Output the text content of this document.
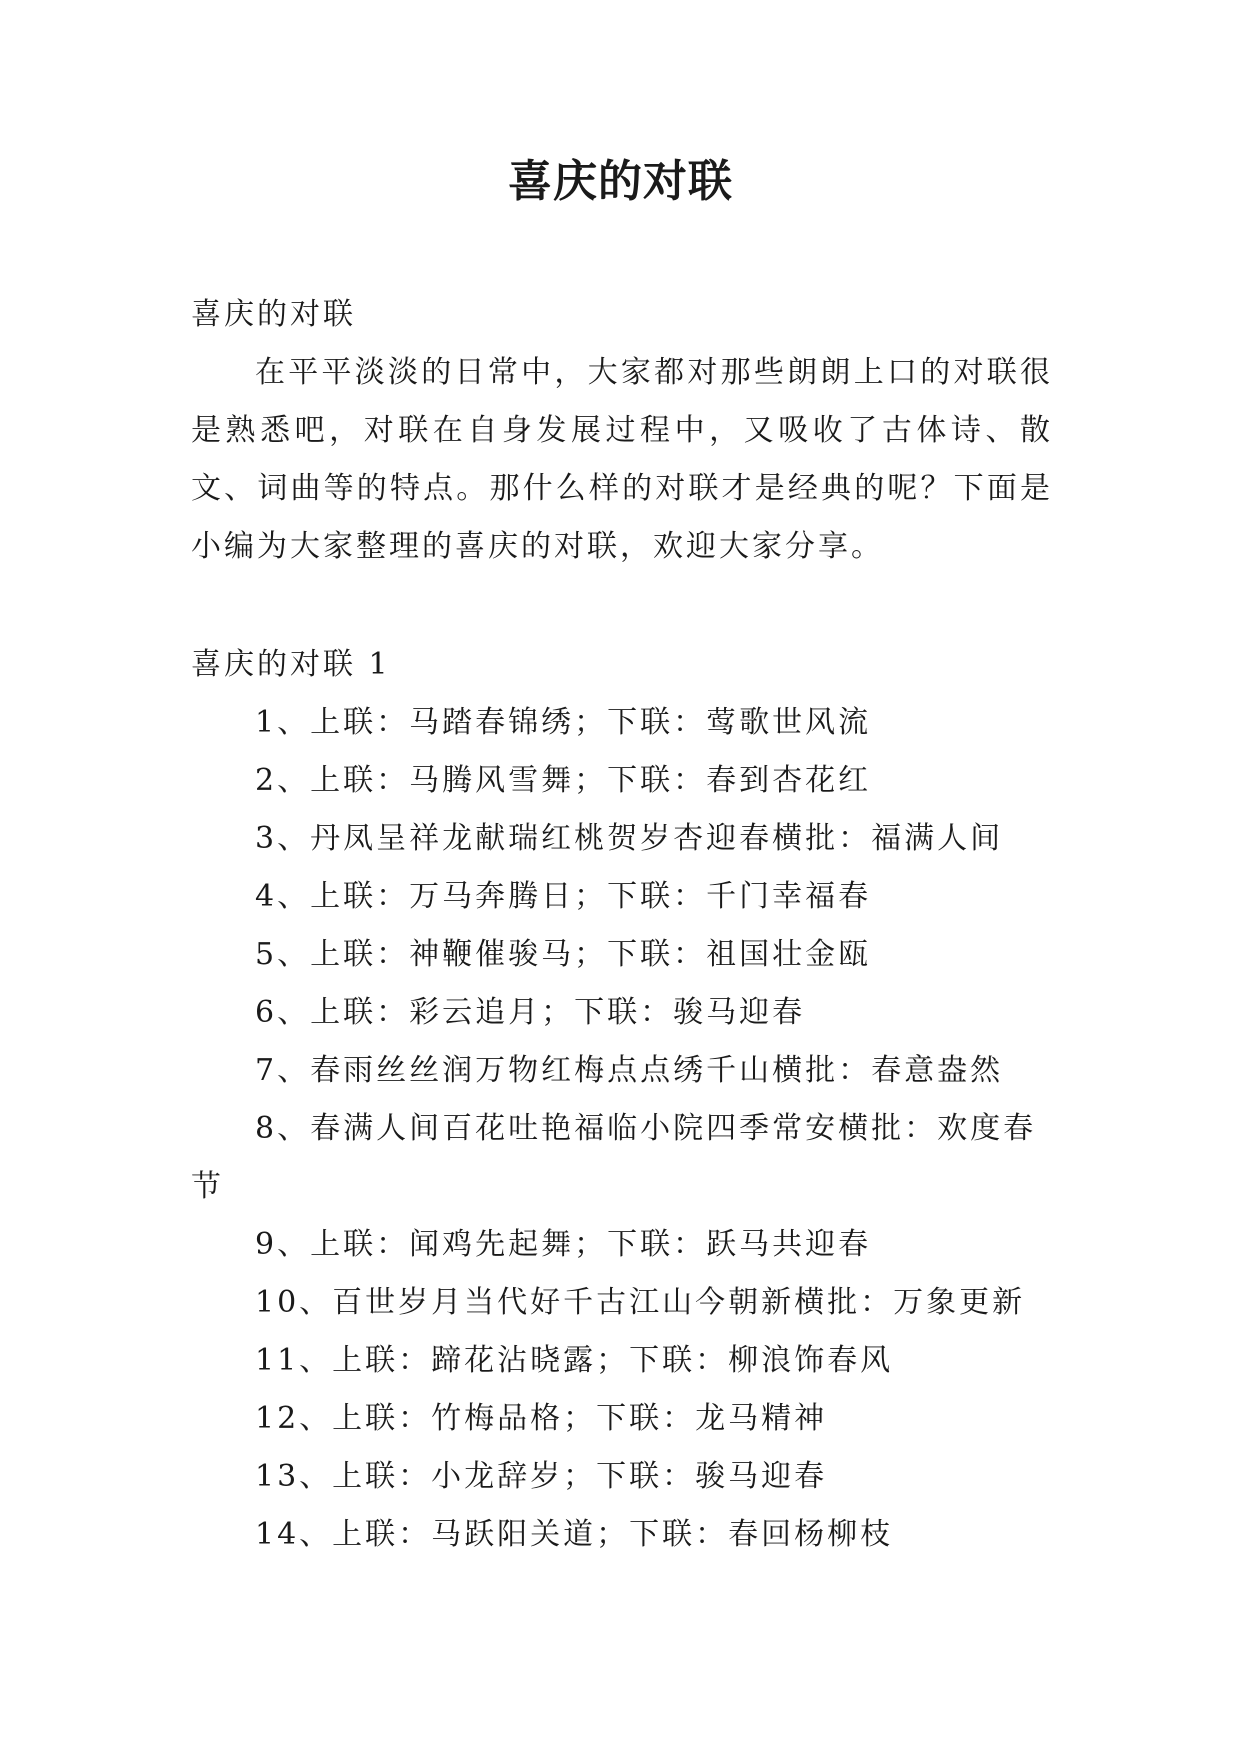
喜庆的对联
喜庆的对联

在平平淡淡的日常中，大家都对那些朗朗上口的对联很是熟悉吧，对联在自身发展过程中，又吸收了古体诗、散文、词曲等的特点。那什么样的对联才是经典的呢？下面是小编为大家整理的喜庆的对联，欢迎大家分享。

喜庆的对联 1
1、上联：马踏春锦绣；下联：莺歌世风流
2、上联：马腾风雪舞；下联：春到杏花红
3、丹凤呈祥龙献瑞红桃贺岁杏迎春横批：福满人间
4、上联：万马奔腾日；下联：千门幸福春
5、上联：神鞭催骏马；下联：祖国壮金瓯
6、上联：彩云追月；下联：骏马迎春
7、春雨丝丝润万物红梅点点绣千山横批：春意盎然
8、春满人间百花吐艳福临小院四季常安横批：欢度春节
9、上联：闻鸡先起舞；下联：跃马共迎春
10、百世岁月当代好千古江山今朝新横批：万象更新
11、上联：蹄花沾晓露；下联：柳浪饰春风
12、上联：竹梅品格；下联：龙马精神
13、上联：小龙辞岁；下联：骏马迎春
14、上联：马跃阳关道；下联：春回杨柳枝
